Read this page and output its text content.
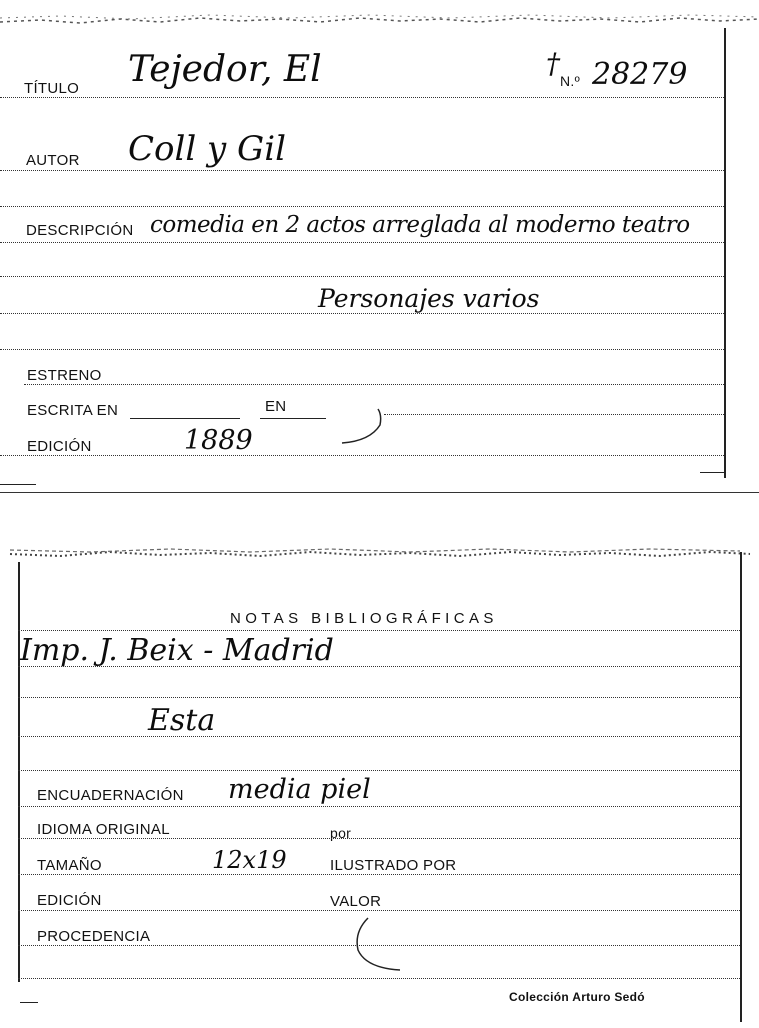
TÍTULO Tejedor, El	†
N.º 28279
AUTOR Coll y Gil
DESCRIPCIÓN comedia en 2 actos arreglada al moderno teatro
Personajes varios
ESTRENO
ESCRITA EN	EN
EDICIÓN	1889
NOTAS BIBLIOGRÁFICAS
Imp. J. Beix - Madrid
Esta
ENCUADERNACIÓN media piel
IDIOMA ORIGINAL	por
TAMAÑO	12x19	ILUSTRADO POR
EDICIÓN	VALOR
PROCEDENCIA
Colección Arturo Sedó
